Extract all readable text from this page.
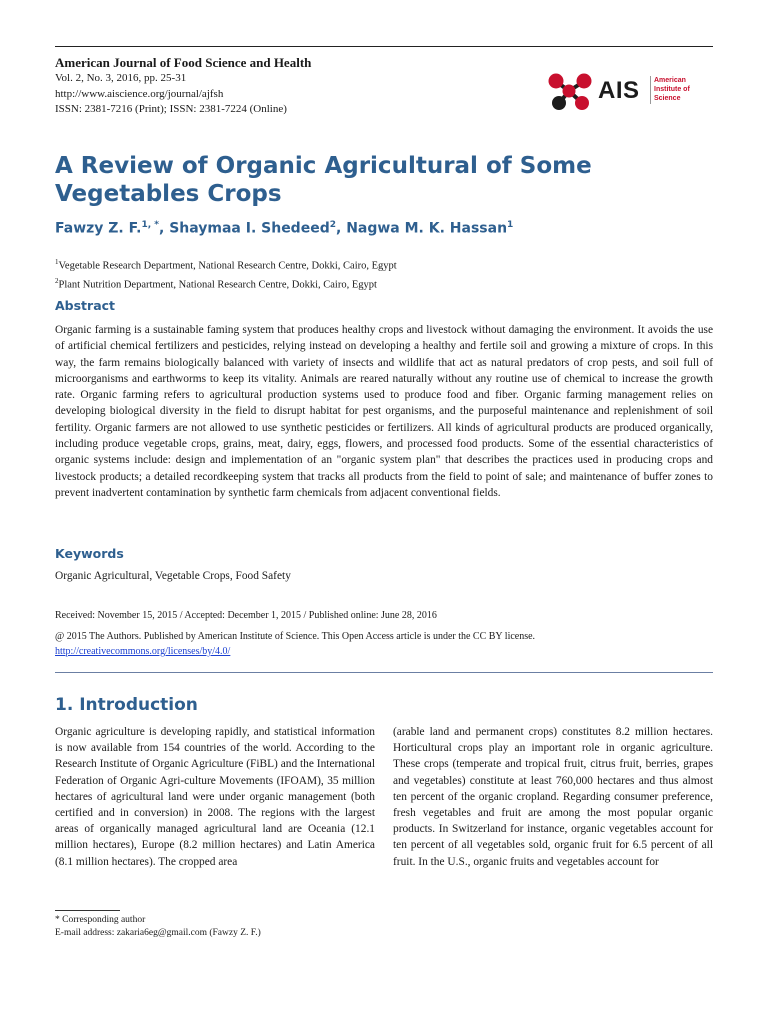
American Journal of Food Science and Health
Vol. 2, No. 3, 2016, pp. 25-31
http://www.aiscience.org/journal/ajfsh
ISSN: 2381-7216 (Print); ISSN: 2381-7224 (Online)
AIS American
Institute of
Science
A Review of Organic Agricultural of Some Vegetables Crops
Fawzy Z. F.$^{1, *}$, Shaymaa I. Shedeed$^2$, Nagwa M. K. Hassan$^1$
$^1$Vegetable Research Department, National Research Centre, Dokki, Cairo, Egypt
$^2$Plant Nutrition Department, National Research Centre, Dokki, Cairo, Egypt
Abstract

Organic farming is a sustainable faming system that produces healthy crops and livestock without damaging the environment. It avoids the use of artificial chemical fertilizers and pesticides, relying instead on developing a healthy and fertile soil and growing a mixture of crops. In this way, the farm remains biologically balanced with variety of insects and wildlife that act as natural predators of crop pests, and soil full of microorganisms and earthworms to keep its vitality. Animals are reared naturally without any routine use of chemical to increase the growth rate. Organic farming refers to agricultural production systems used to produce food and fiber. Organic farming management relies on developing biological diversity in the field to disrupt habitat for pest organisms, and the purposeful maintenance and replenishment of soil fertility. Organic farmers are not allowed to use synthetic pesticides or fertilizers. All kinds of agricultural products are produced organically, including produce vegetable crops, grains, meat, dairy, eggs, flowers, and processed food products. Some of the essential characteristics of organic systems include: design and implementation of an "organic system plan" that describes the practices used in producing crops and livestock products; a detailed recordkeeping system that tracks all products from the field to point of sale; and maintenance of buffer zones to prevent inadvertent contamination by synthetic farm chemicals from adjacent conventional fields.

Keywords
Organic Agricultural, Vegetable Crops, Food Safety
Received: November 15, 2015 / Accepted: December 1, 2015 / Published online: June 28, 2016
@ 2015 The Authors. Published by American Institute of Science. This Open Access article is under the CC BY license.
http://creativecommons.org/licenses/by/4.0/
1. Introduction

Organic agriculture is developing rapidly, and statistical information is now available from 154 countries of the world. According to the Research Institute of Organic Agriculture (FiBL) and the International Federation of Organic Agri-culture Movements (IFOAM), 35 million hectares of agricultural land were under organic management (both certified and in conversion) in 2008. The regions with the largest areas of organically managed agricultural land are Oceania (12.1 million hectares), Europe (8.2 million hectares) and Latin America (8.1 million hectares). The cropped area

(arable land and permanent crops) constitutes 8.2 million hectares. Horticultural crops play an important role in organic agriculture. These crops (temperate and tropical fruit, citrus fruit, berries, grapes and vegetables) constitute at least 760,000 hectares and thus almost ten percent of the organic cropland. Regarding consumer preference, fresh vegetables and fruit are among the most popular organic products. In Switzerland for instance, organic vegetables account for ten percent of all vegetables sold, organic fruit for 6.5 percent of all fruit. In the U.S., organic fruits and vegetables account for

* Corresponding author
E-mail address: zakaria6eg@gmail.com (Fawzy Z. F.)
